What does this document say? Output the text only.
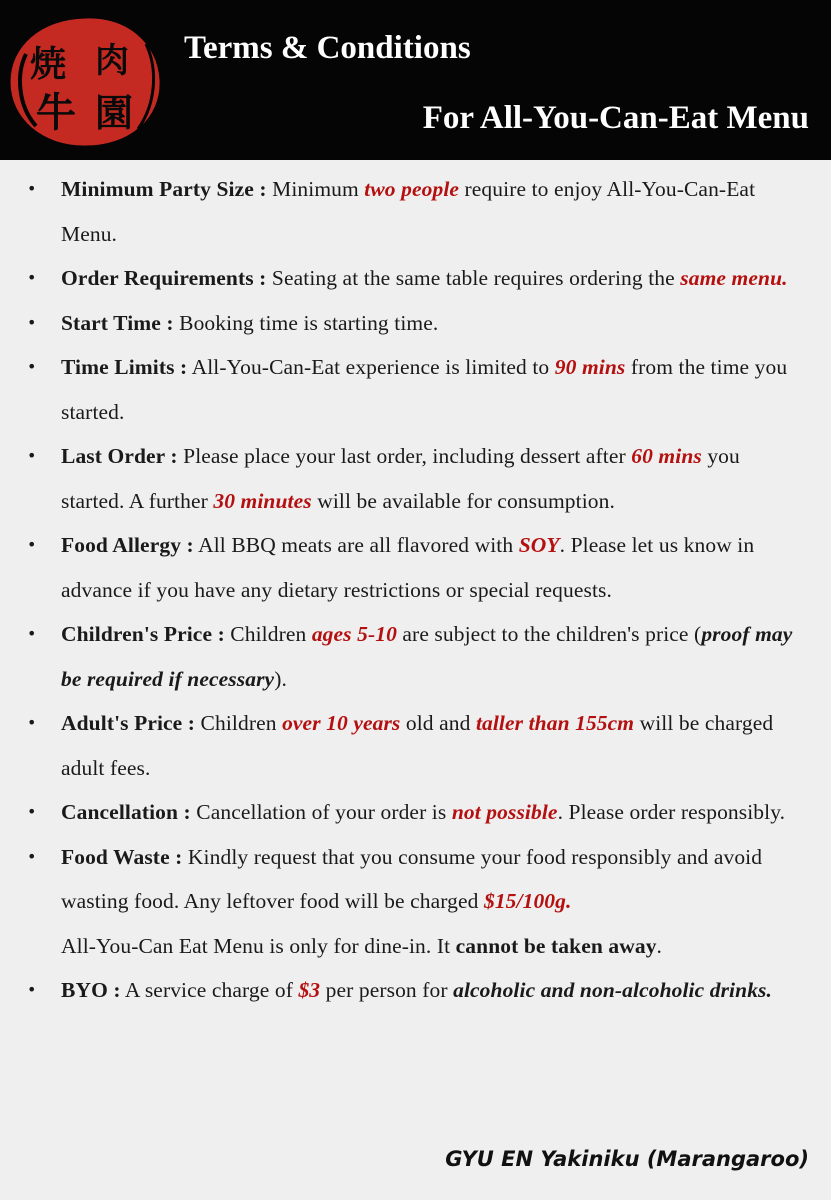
焼 肉
牛 園
Terms & Conditions
For All-You-Can-Eat Menu
• Minimum Party Size : Minimum two people require to enjoy All-You-Can-Eat Menu.
• Order Requirements : Seating at the same table requires ordering the same menu.
• Start Time : Booking time is starting time.
• Time Limits : All-You-Can-Eat experience is limited to 90 mins from the time you started.
• Last Order : Please place your last order, including dessert after 60 mins you started. A further 30 minutes will be available for consumption.
• Food Allergy : All BBQ meats are all flavored with SOY. Please let us know in advance if you have any dietary restrictions or special requests.
• Children's Price : Children ages 5-10 are subject to the children's price (proof may be required if necessary).
• Adult's Price : Children over 10 years old and taller than 155cm will be charged adult fees.
• Cancellation : Cancellation of your order is not possible. Please order responsibly.
• Food Waste : Kindly request that you consume your food responsibly and avoid wasting food. Any leftover food will be charged $15/100g.
All-You-Can Eat Menu is only for dine-in. It cannot be taken away.
• BYO : A service charge of $3 per person for alcoholic and non-alcoholic drinks.
GYU EN Yakiniku (Marangaroo)
